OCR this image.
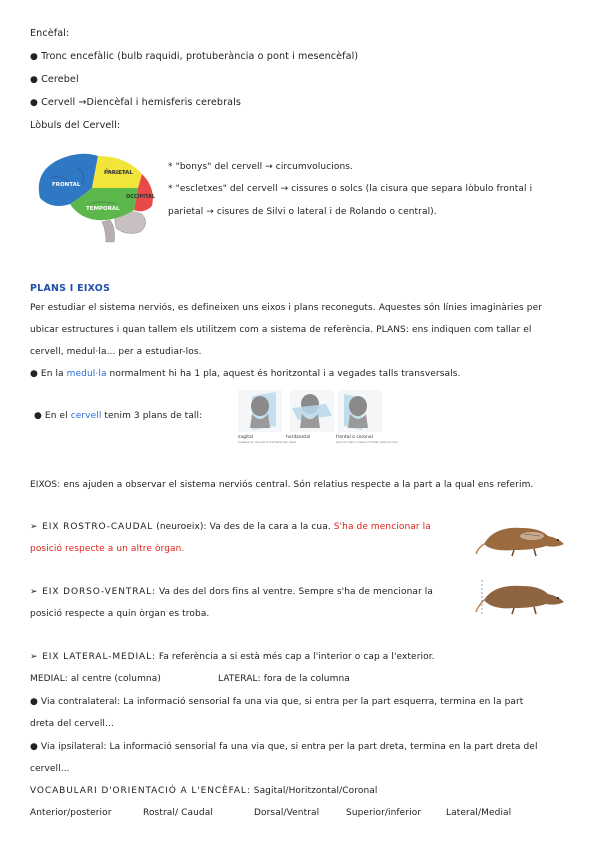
Encèfal:
● Tronc encefàlic (bulb raquidi, protuberància o pont i mesencèfal)
● Cerebel
● Cervell →Diencèfal i hemisferis cerebrals
Lòbuls del Cervell:
FRONTAL
PARIETAL
TEMPORAL
OCCIPITAL
* "bonys" del cervell → circumvolucions.
* "escletxes" del cervell → cissures o solcs (la cisura que separa lòbulo frontal i
parietal → cisures de Silvi o lateral i de Rolando o central).
PLANS I EIXOS
Per estudiar el sistema nerviós, es defineixen uns eixos i plans reconeguts. Aquestes són línies imaginàries per
ubicar estructures i quan tallem els utilitzem com a sistema de referència. PLANS: ens indiquen com tallar el
cervell, medul·la... per a estudiar-los.
● En la medul·la normalment hi ha 1 pla, aquest és horitzontal i a vegades talls transversals.
● En el cervell tenim 3 plans de tall:
sagital	horitzontal	frontal o coronal
(separa en dos les 2 hemisferis) o axial	(secció més o menys frontal, talla el cos)
EIXOS: ens ajuden a observar el sistema nerviós central. Són relatius respecte a la part a la qual ens referim.
➢ EIX ROSTRO-CAUDAL (neuroeix): Va des de la cara a la cua. S'ha de mencionar la
posició respecte a un altre òrgan.
➢ EIX DORSO-VENTRAL: Va des del dors fins al ventre. Sempre s'ha de mencionar la
posició respecte a quin òrgan es troba.
➢ EIX LATERAL-MEDIAL: Fa referència a si està més cap a l'interior o cap a l'exterior.
MEDIAL: al centre (columna)	LATERAL: fora de la columna
● Via contralateral: La informació sensorial fa una via que, si entra per la part esquerra, termina en la part
dreta del cervell...
● Via ipsilateral: La informació sensorial fa una via que, si entra per la part dreta, termina en la part dreta del
cervell...
VOCABULARI D'ORIENTACIÓ A L'ENCÈFAL: Sagital/Horitzontal/Coronal
Anterior/posterior	Rostral/ Caudal	Dorsal/Ventral	Superior/inferior	Lateral/Medial
